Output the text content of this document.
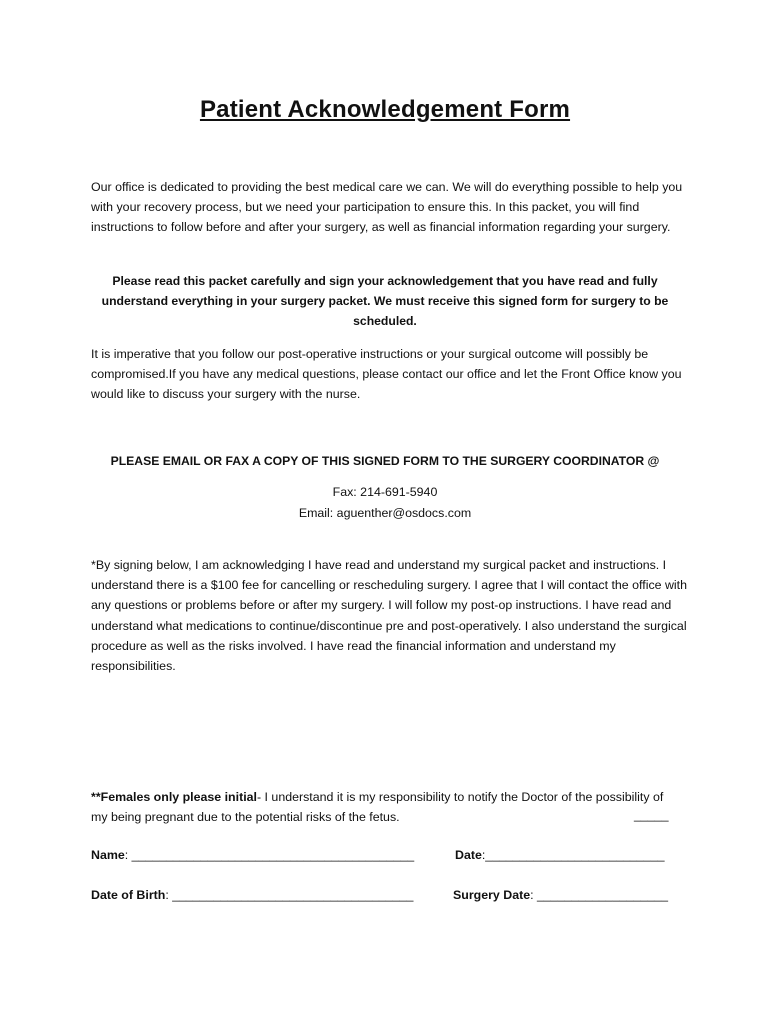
Patient Acknowledgement Form
Our office is dedicated to providing the best medical care we can. We will do everything possible to help you with your recovery process, but we need your participation to ensure this. In this packet, you will find instructions to follow before and after your surgery, as well as financial information regarding your surgery.
Please read this packet carefully and sign your acknowledgement that you have read and fully understand everything in your surgery packet. We must receive this signed form for surgery to be scheduled.
It is imperative that you follow our post-operative instructions or your surgical outcome will possibly be compromised.If you have any medical questions, please contact our office and let the Front Office know you would like to discuss your surgery with the nurse.
PLEASE EMAIL OR FAX A COPY OF THIS SIGNED FORM TO THE SURGERY COORDINATOR @
Fax: 214-691-5940
Email: aguenther@osdocs.com
*By signing below, I am acknowledging I have read and understand my surgical packet and instructions. I understand there is a $100 fee for cancelling or rescheduling surgery. I agree that I will contact the office with any questions or problems before or after my surgery. I will follow my post-op instructions. I have read and understand what medications to continue/discontinue pre and post-operatively. I also understand the surgical procedure as well as the risks involved. I have read the financial information and understand my responsibilities.
**Females only please initial- I understand it is my responsibility to notify the Doctor of the possibility of my being pregnant due to the potential risks of the fetus.	_____
Name: _________________________________________	Date:__________________________
Date of Birth: ___________________________________	Surgery Date: ___________________
